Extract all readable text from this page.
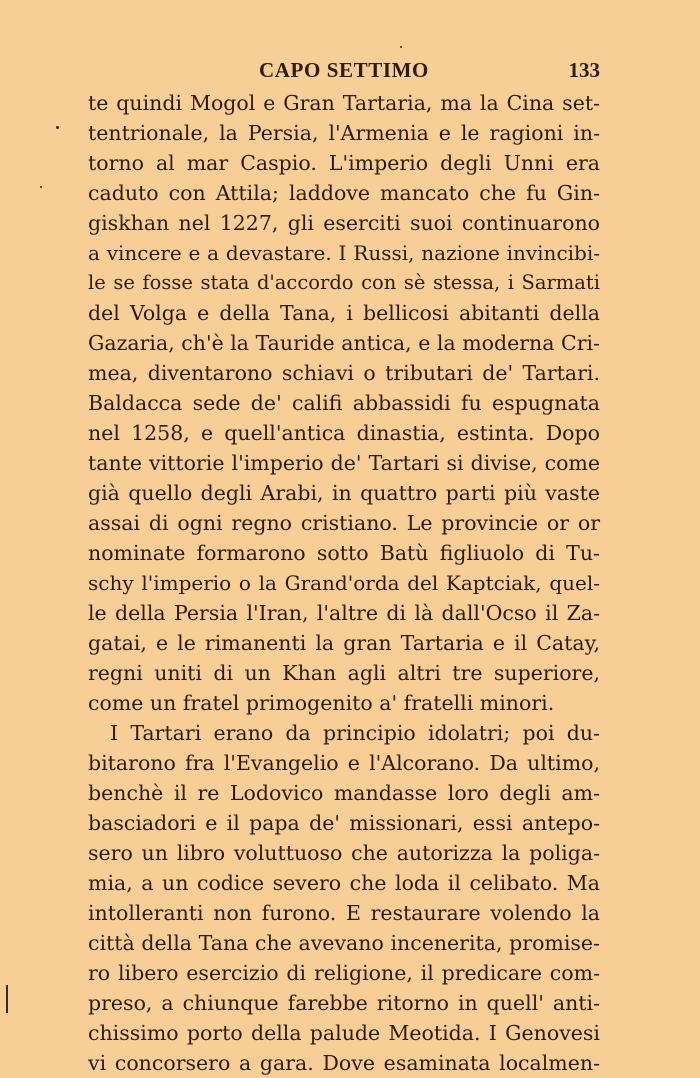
CAPO SETTIMO	133
te quindi Mogol e Gran Tartaria, ma la Cina set-
tentrionale, la Persia, l'Armenia e le ragioni in-
torno al mar Caspio. L'imperio degli Unni era
caduto con Attila; laddove mancato che fu Gin-
giskhan nel 1227, gli eserciti suoi continuarono
a vincere e a devastare. I Russi, nazione invincibi-
le se fosse stata d'accordo con sè stessa, i Sarmati
del Volga e della Tana, i bellicosi abitanti della
Gazaria, ch'è la Tauride antica, e la moderna Cri-
mea, diventarono schiavi o tributari de' Tartari.
Baldacca sede de' califi abbassidi fu espugnata
nel 1258, e quell'antica dinastia, estinta. Dopo
tante vittorie l'imperio de' Tartari si divise, come
già quello degli Arabi, in quattro parti più vaste
assai di ogni regno cristiano. Le provincie or or
nominate formarono sotto Batù figliuolo di Tu-
schy l'imperio o la Grand'orda del Kaptciak, quel-
le della Persia l'Iran, l'altre di là dall'Ocso il Za-
gatai, e le rimanenti la gran Tartaria e il Catay,
regni uniti di un Khan agli altri tre superiore,
come un fratel primogenito a' fratelli minori.
I Tartari erano da principio idolatri; poi du-
bitarono fra l'Evangelio e l'Alcorano. Da ultimo,
benchè il re Lodovico mandasse loro degli am-
basciadori e il papa de' missionari, essi antepo-
sero un libro voluttuoso che autorizza la poliga-
mia, a un codice severo che loda il celibato. Ma
intolleranti non furono. E restaurare volendo la
città della Tana che avevano incenerita, promise-
ro libero esercizio di religione, il predicare com-
preso, a chiunque farebbe ritorno in quell' anti-
chissimo porto della palude Meotida. I Genovesi
vi concorsero a gara. Dove esaminata localmen-
